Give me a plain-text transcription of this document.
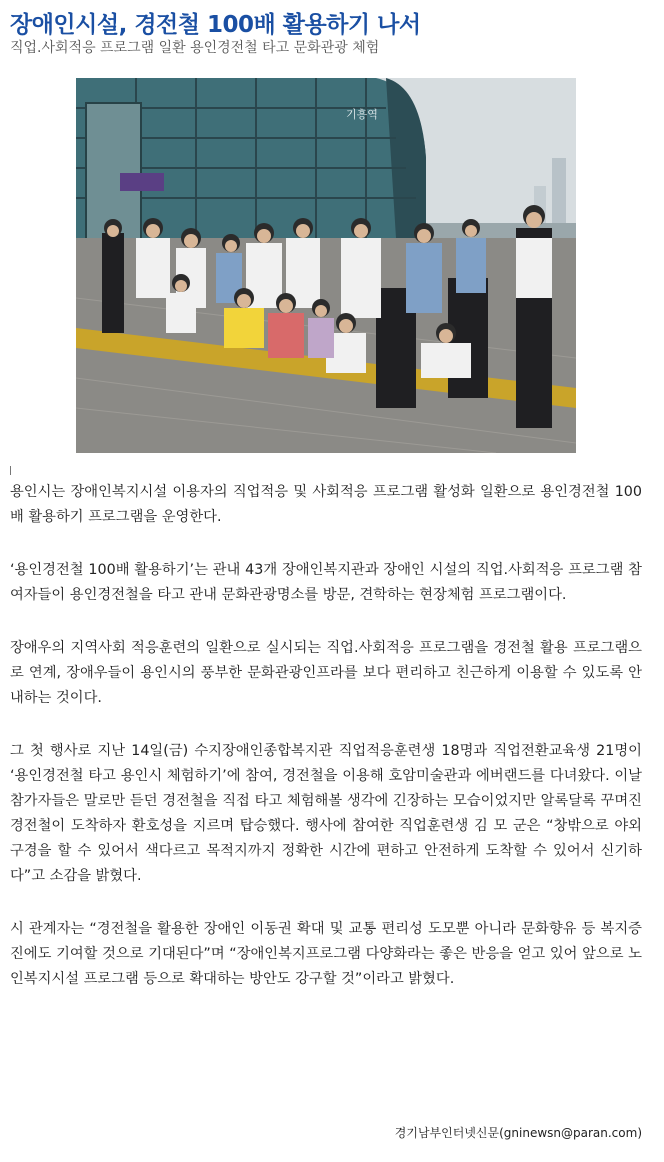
장애인시설, 경전철 100배 활용하기 나서
직업.사회적응 프로그램 일환 용인경전철 타고 문화관광 체험
기흥역

용인시는 장애인복지시설 이용자의 직업적응 및 사회적응 프로그램 활성화 일환으로 용인경전철 100배 활용하기 프로그램을 운영한다.

‘용인경전철 100배 활용하기’는 관내 43개 장애인복지관과 장애인 시설의 직업.사회적응 프로그램 참여자들이 용인경전철을 타고 관내 문화관광명소를 방문, 견학하는 현장체험 프로그램이다.

장애우의 지역사회 적응훈련의 일환으로 실시되는 직업.사회적응 프로그램을 경전철 활용 프로그램으로 연계, 장애우들이 용인시의 풍부한 문화관광인프라를 보다 편리하고 친근하게 이용할 수 있도록 안내하는 것이다.

그 첫 행사로 지난 14일(금) 수지장애인종합복지관 직업적응훈련생 18명과 직업전환교육생 21명이 ‘용인경전철 타고 용인시 체험하기’에 참여, 경전철을 이용해 호암미술관과 에버랜드를 다녀왔다. 이날 참가자들은 말로만 듣던 경전철을 직접 타고 체험해볼 생각에 긴장하는 모습이었지만 알록달록 꾸며진 경전철이 도착하자 환호성을 지르며 탑승했다. 행사에 참여한 직업훈련생 김 모 군은 “창밖으로 야외 구경을 할 수 있어서 색다르고 목적지까지 정확한 시간에 편하고 안전하게 도착할 수 있어서 신기하다”고 소감을 밝혔다.

시 관계자는 “경전철을 활용한 장애인 이동권 확대 및 교통 편리성 도모뿐 아니라 문화향유 등 복지증진에도 기여할 것으로 기대된다”며 “장애인복지프로그램 다양화라는 좋은 반응을 얻고 있어 앞으로 노인복지시설 프로그램 등으로 확대하는 방안도 강구할 것”이라고 밝혔다.

경기남부인터넷신문(gninewsn@paran.com)
